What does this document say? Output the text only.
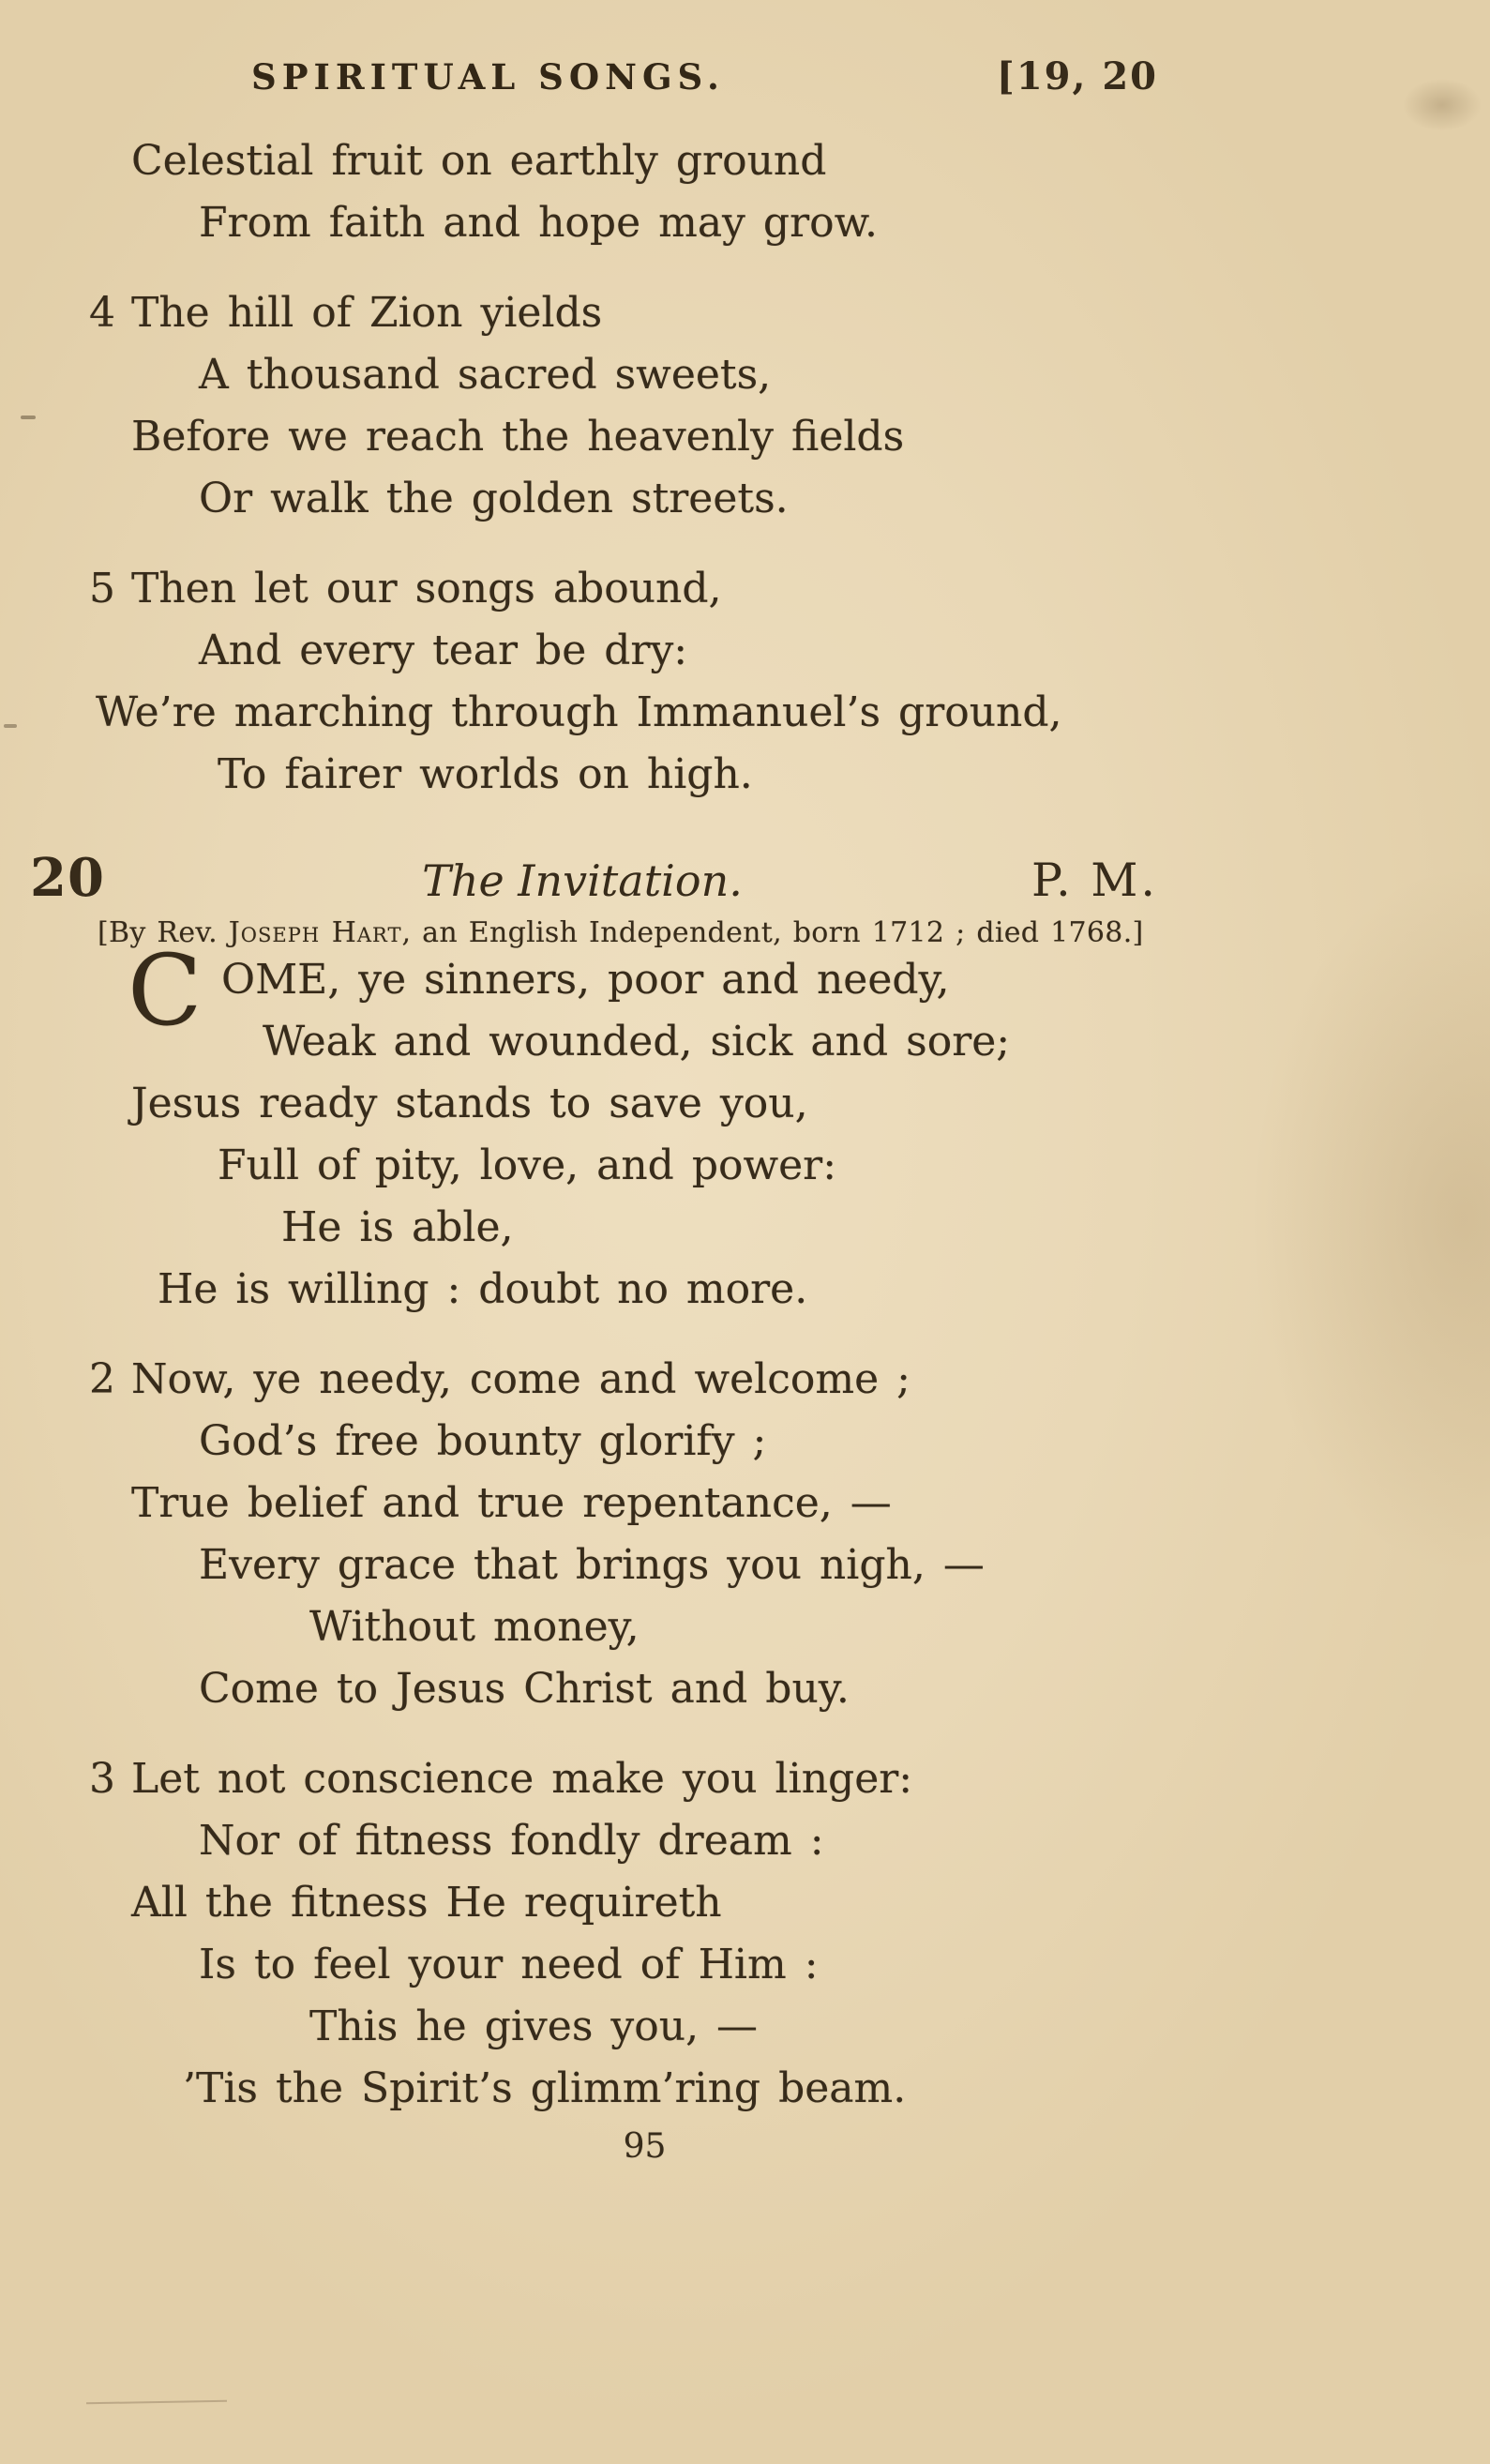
SPIRITUAL SONGS.	[19, 20
Celestial fruit on earthly ground
From faith and hope may grow.
4 The hill of Zion yields
A thousand sacred sweets,
Before we reach the heavenly fields
Or walk the golden streets.
5 Then let our songs abound,
And every tear be dry:
We’re marching through Immanuel’s ground,
To fairer worlds on high.
20	The Invitation.	P. M.
[By Rev. Joseph Hart, an English Independent, born 1712 ; died 1768.]
C OME, ye sinners, poor and needy,
Weak and wounded, sick and sore;
Jesus ready stands to save you,
Full of pity, love, and power:
He is able,
He is willing : doubt no more.
2 Now, ye needy, come and welcome ;
God’s free bounty glorify ;
True belief and true repentance, —
Every grace that brings you nigh, —
Without money,
Come to Jesus Christ and buy.
3 Let not conscience make you linger:
Nor of fitness fondly dream :
All the fitness He requireth
Is to feel your need of Him :
This he gives you, —
’Tis the Spirit’s glimm’ring beam.
95
